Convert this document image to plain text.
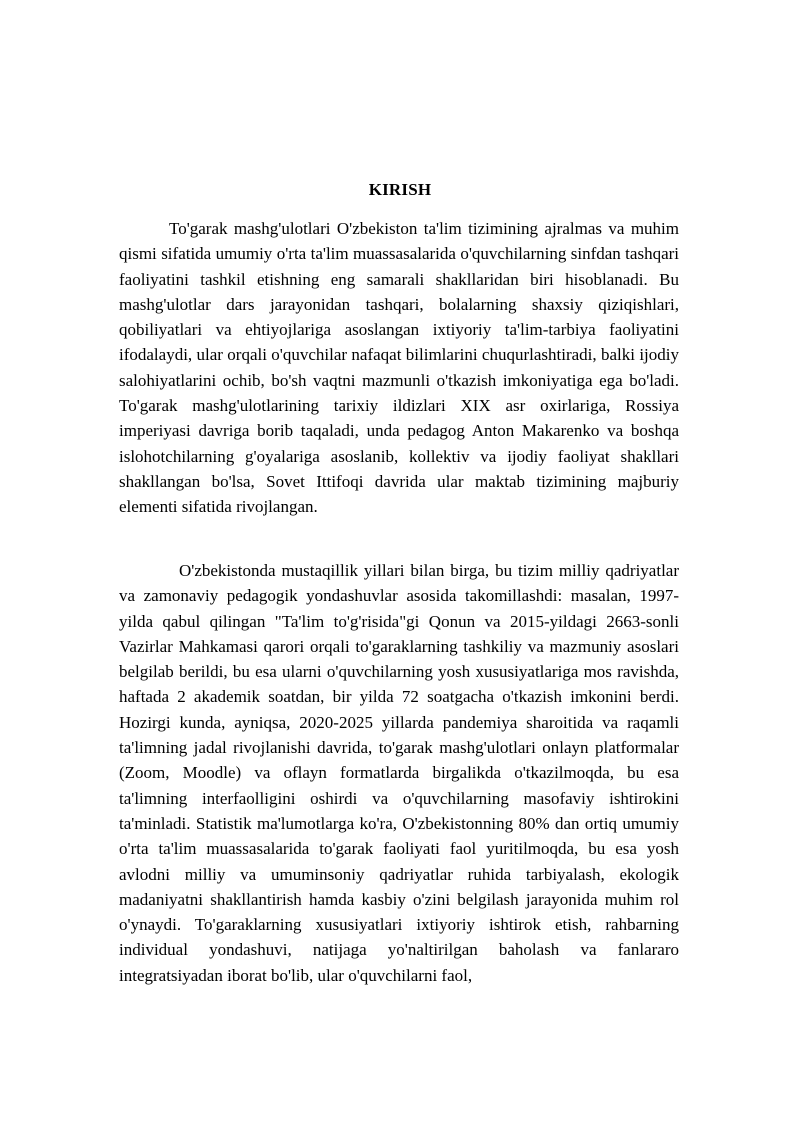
KIRISH

To'garak mashg'ulotlari O'zbekiston ta'lim tizimining ajralmas va muhim qismi sifatida umumiy o'rta ta'lim muassasalarida o'quvchilarning sinfdan tashqari faoliyatini tashkil etishning eng samarali shakllaridan biri hisoblanadi. Bu mashg'ulotlar dars jarayonidan tashqari, bolalarning shaxsiy qiziqishlari, qobiliyatlari va ehtiyojlariga asoslangan ixtiyoriy ta'lim-tarbiya faoliyatini ifodalaydi, ular orqali o'quvchilar nafaqat bilimlarini chuqurlashtiradi, balki ijodiy salohiyatlarini ochib, bo'sh vaqtni mazmunli o'tkazish imkoniyatiga ega bo'ladi. To'garak mashg'ulotlarining tarixiy ildizlari XIX asr oxirlariga, Rossiya imperiyasi davriga borib taqaladi, unda pedagog Anton Makarenko va boshqa islohotchilarning g'oyalariga asoslanib, kollektiv va ijodiy faoliyat shakllari shakllangan bo'lsa, Sovet Ittifoqi davrida ular maktab tizimining majburiy elementi sifatida rivojlangan.

O'zbekistonda mustaqillik yillari bilan birga, bu tizim milliy qadriyatlar va zamonaviy pedagogik yondashuvlar asosida takomillashdi: masalan, 1997-yilda qabul qilingan "Ta'lim to'g'risida"gi Qonun va 2015-yildagi 2663-sonli Vazirlar Mahkamasi qarori orqali to'garaklarning tashkiliy va mazmuniy asoslari belgilab berildi, bu esa ularni o'quvchilarning yosh xususiyatlariga mos ravishda, haftada 2 akademik soatdan, bir yilda 72 soatgacha o'tkazish imkonini berdi. Hozirgi kunda, ayniqsa, 2020-2025 yillarda pandemiya sharoitida va raqamli ta'limning jadal rivojlanishi davrida, to'garak mashg'ulotlari onlayn platformalar (Zoom, Moodle) va oflayn formatlarda birgalikda o'tkazilmoqda, bu esa ta'limning interfaolligini oshirdi va o'quvchilarning masofaviy ishtirokini ta'minladi. Statistik ma'lumotlarga ko'ra, O'zbekistonning 80% dan ortiq umumiy o'rta ta'lim muassasalarida to'garak faoliyati faol yuritilmoqda, bu esa yosh avlodni milliy va umuminsoniy qadriyatlar ruhida tarbiyalash, ekologik madaniyatni shakllantirish hamda kasbiy o'zini belgilash jarayonida muhim rol o'ynaydi. To'garaklarning xususiyatlari ixtiyoriy ishtirok etish, rahbarning individual yondashuvi, natijaga yo'naltirilgan baholash va fanlararo integratsiyadan iborat bo'lib, ular o'quvchilarni faol,
